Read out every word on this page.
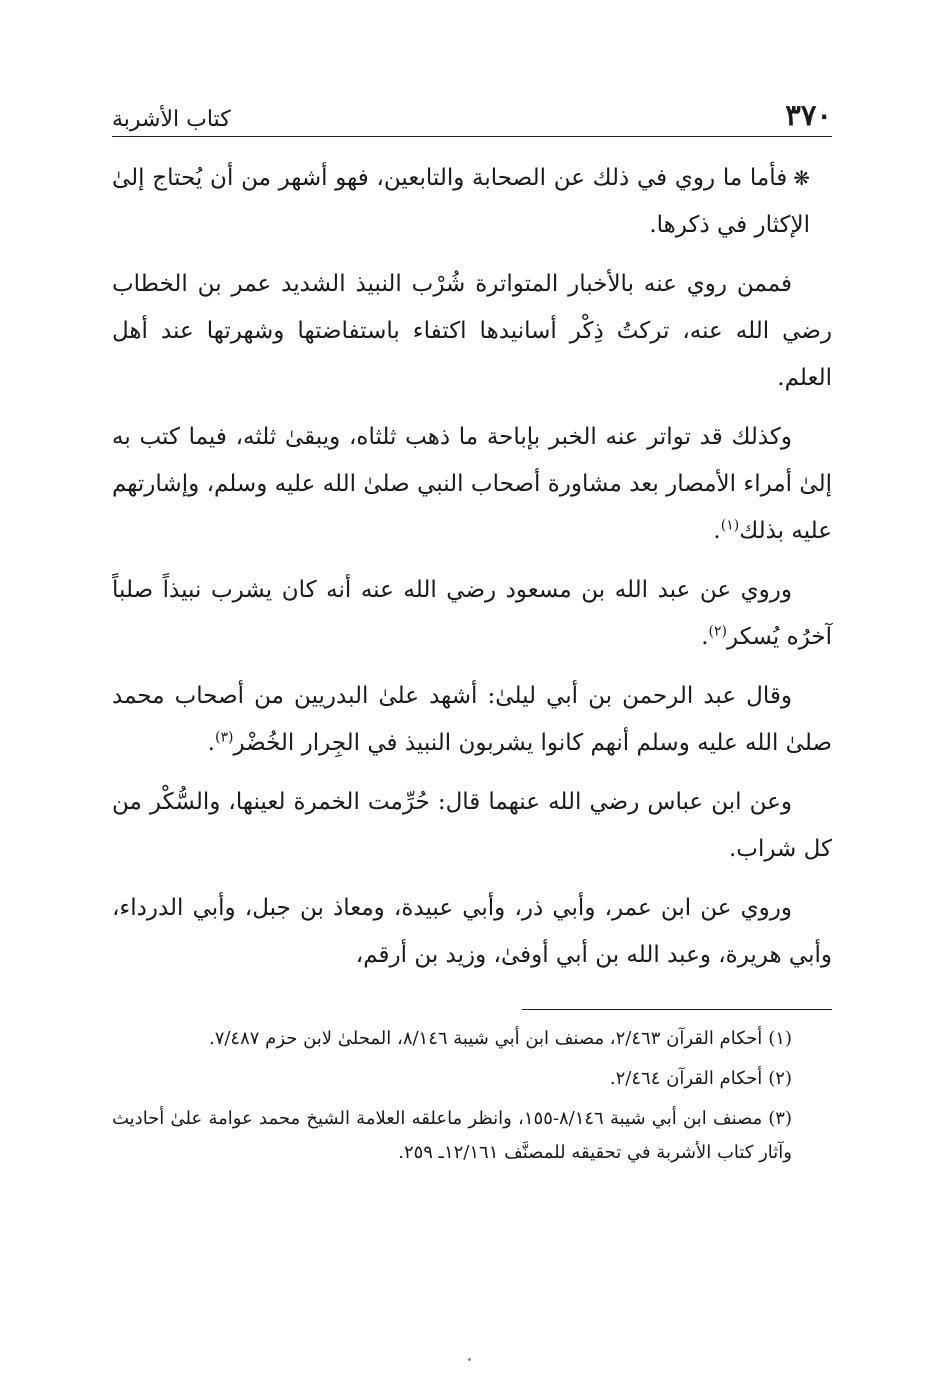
٣٧٠
كتاب الأشربة

❋فأما ما روي في ذلك عن الصحابة والتابعين، فهو أشهر من أن يُحتاج إلىٰ الإكثار في ذكرها.

فممن روي عنه بالأخبار المتواترة شُرْب النبيذ الشديد عمر بن الخطاب رضي الله عنه، تركتُ ذِكْر أسانيدها اكتفاء باستفاضتها وشهرتها عند أهل العلم.

وكذلك قد تواتر عنه الخبر بإباحة ما ذهب ثلثاه، ويبقىٰ ثلثه، فيما كتب به إلىٰ أمراء الأمصار بعد مشاورة أصحاب النبي صلىٰ الله عليه وسلم، وإشارتهم عليه بذلك$^{(١)}$.

وروي عن عبد الله بن مسعود رضي الله عنه أنه كان يشرب نبيذاً صلباً آخرُه يُسكر$^{(٢)}$.

وقال عبد الرحمن بن أبي ليلىٰ: أشهد علىٰ البدريين من أصحاب محمد صلىٰ الله عليه وسلم أنهم كانوا يشربون النبيذ في الجِرار الخُضْر$^{(٣)}$.

وعن ابن عباس رضي الله عنهما قال: حُرِّمت الخمرة لعينها، والسُّكْر من كل شراب.

وروي عن ابن عمر، وأبي ذر، وأبي عبيدة، ومعاذ بن جبل، وأبي الدرداء، وأبي هريرة، وعبد الله بن أبي أوفىٰ، وزيد بن أرقم،

(١)أحكام القرآن ٢/٤٦٣، مصنف ابن أبي شيبة ٨/١٤٦، المحلىٰ لابن حزم ٧/٤٨٧.

(٢)أحكام القرآن ٢/٤٦٤.

(٣)مصنف ابن أبي شيبة ٨/١٤٦-١٥٥، وانظر ماعلقه العلامة الشيخ محمد عوامة علىٰ أحاديث وآثار كتاب الأشربة في تحقيقه للمصنَّف ١٢/١٦١ـ ٢٥٩.
